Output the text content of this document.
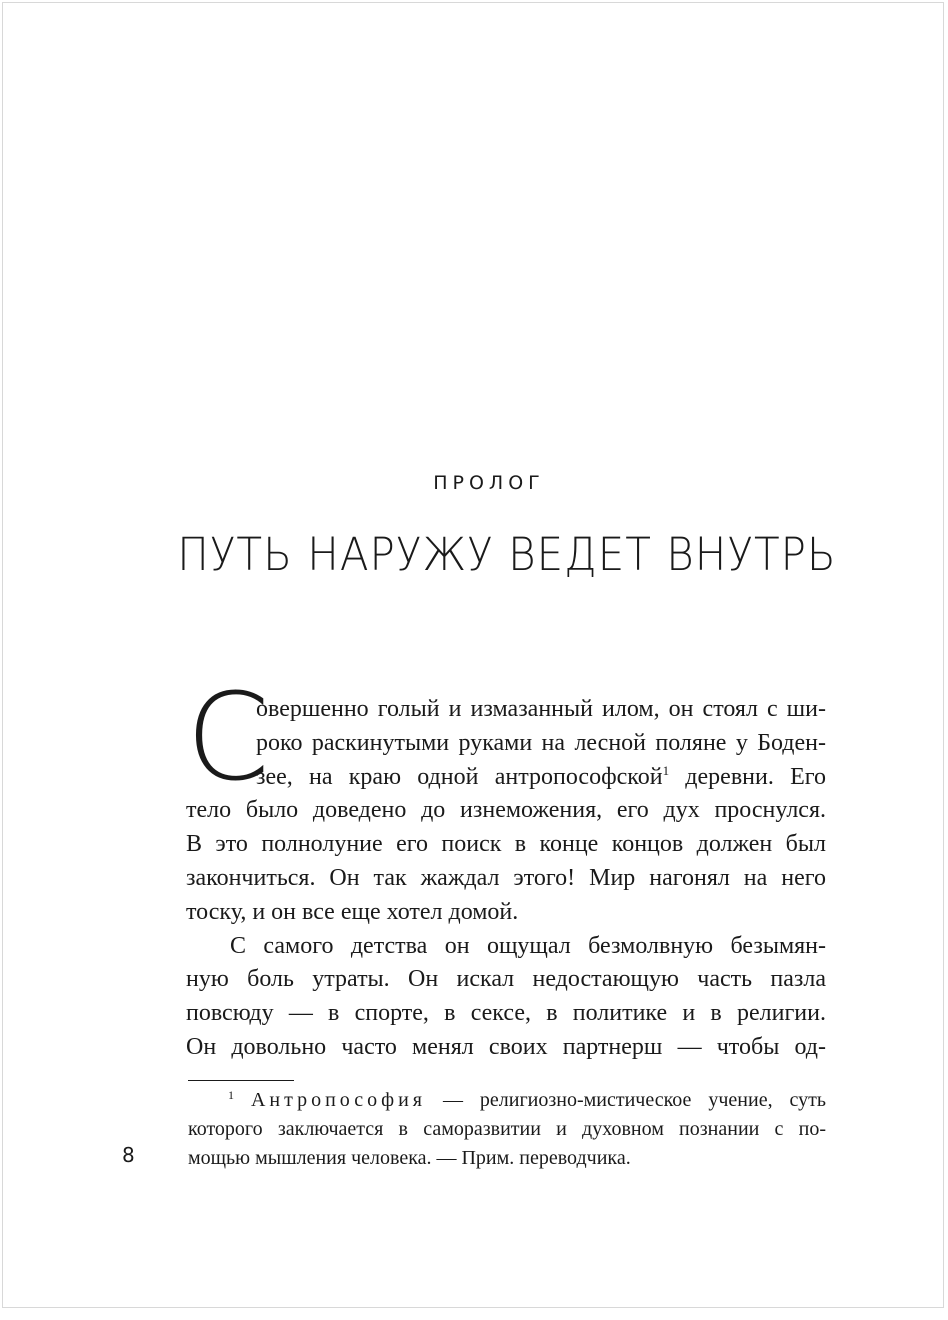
ПРОЛОГ
ПУТЬ НАРУЖУ ВЕДЕТ ВНУТРЬ
С
овершенно голый и измазанный илом, он стоял с ши-
роко раскинутыми руками на лесной поляне у Боден-
зее, на краю одной антропософской$^1$ деревни. Его
тело было доведено до изнеможения, его дух проснулся.
В это полнолуние его поиск в конце концов должен был
закончиться. Он так жаждал этого! Мир нагонял на него
тоску, и он все еще хотел домой.
С самого детства он ощущал безмолвную безымян-
ную боль утраты. Он искал недостающую часть пазла
повсюду — в спорте, в сексе, в политике и в религии.
Он довольно часто менял своих партнерш — чтобы од-
$^1$ Антропософия — религиозно-мистическое учение, суть
которого заключается в саморазвитии и духовном познании с по-
мощью мышления человека. — Прим. переводчика.
8
